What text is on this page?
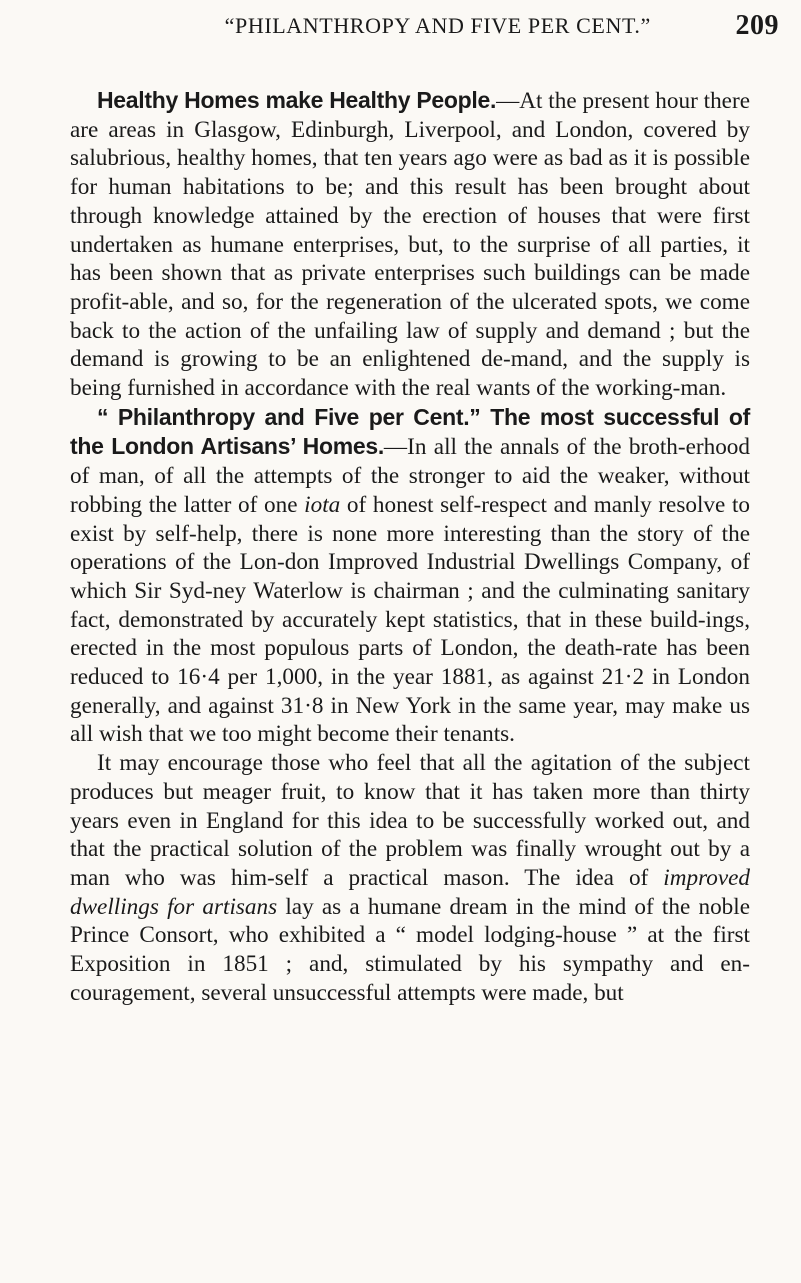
“PHILANTHROPY AND FIVE PER CENT.”	209

Healthy Homes make Healthy People.—At the present hour there are areas in Glasgow, Edinburgh, Liverpool, and London, covered by salubrious, healthy homes, that ten years ago were as bad as it is possible for human habitations to be; and this result has been brought about through knowledge attained by the erection of houses that were first undertaken as humane enterprises, but, to the surprise of all parties, it has been shown that as private enterprises such buildings can be made profit-able, and so, for the regeneration of the ulcerated spots, we come back to the action of the unfailing law of supply and demand ; but the demand is growing to be an enlightened de-mand, and the supply is being furnished in accordance with the real wants of the working-man.

“ Philanthropy and Five per Cent.” The most successful of the London Artisans’ Homes.—In all the annals of the broth-erhood of man, of all the attempts of the stronger to aid the weaker, without robbing the latter of one iota of honest self-respect and manly resolve to exist by self-help, there is none more interesting than the story of the operations of the Lon-don Improved Industrial Dwellings Company, of which Sir Syd-ney Waterlow is chairman ; and the culminating sanitary fact, demonstrated by accurately kept statistics, that in these build-ings, erected in the most populous parts of London, the death-rate has been reduced to 16·4 per 1,000, in the year 1881, as against 21·2 in London generally, and against 31·8 in New York in the same year, may make us all wish that we too might become their tenants.

It may encourage those who feel that all the agitation of the subject produces but meager fruit, to know that it has taken more than thirty years even in England for this idea to be successfully worked out, and that the practical solution of the problem was finally wrought out by a man who was him-self a practical mason. The idea of improved dwellings for artisans lay as a humane dream in the mind of the noble Prince Consort, who exhibited a “ model lodging-house ” at the first Exposition in 1851 ; and, stimulated by his sympathy and en-couragement, several unsuccessful attempts were made, but
